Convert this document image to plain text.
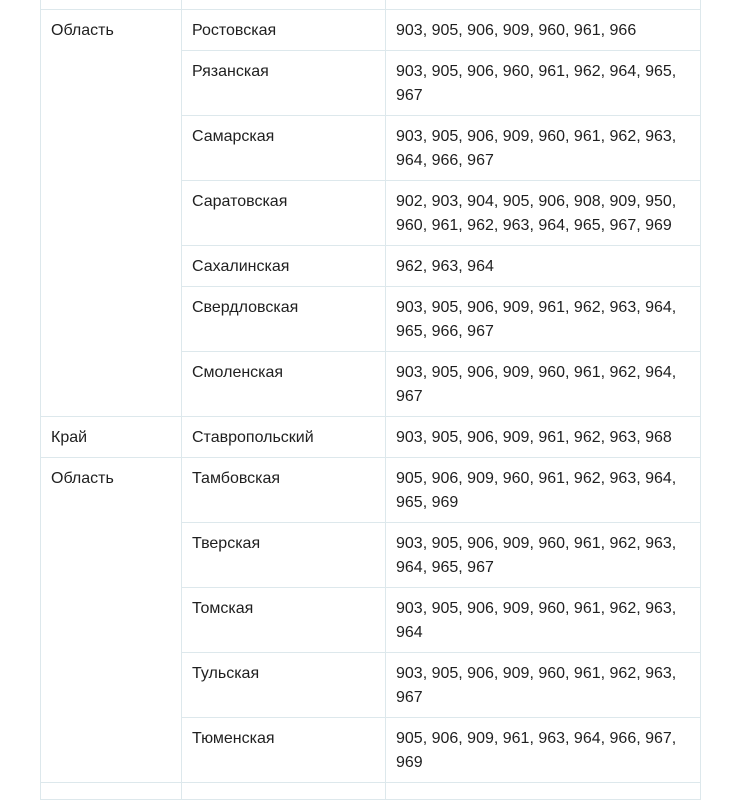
Область	Ростовская	903, 905, 906, 909, 960, 961, 966
	Рязанская	903, 905, 906, 960, 961, 962, 964, 965, 967
	Самарская	903, 905, 906, 909, 960, 961, 962, 963, 964, 966, 967
	Саратовская	902, 903, 904, 905, 906, 908, 909, 950, 960, 961, 962, 963, 964, 965, 967, 969
	Сахалинская	962, 963, 964
	Свердловская	903, 905, 906, 909, 961, 962, 963, 964, 965, 966, 967
	Смоленская	903, 905, 906, 909, 960, 961, 962, 964, 967
Край	Ставропольский	903, 905, 906, 909, 961, 962, 963, 968
Область	Тамбовская	905, 906, 909, 960, 961, 962, 963, 964, 965, 969
	Тверская	903, 905, 906, 909, 960, 961, 962, 963, 964, 965, 967
	Томская	903, 905, 906, 909, 960, 961, 962, 963, 964
	Тульская	903, 905, 906, 909, 960, 961, 962, 963, 967
	Тюменская	905, 906, 909, 961, 963, 964, 966, 967, 969
